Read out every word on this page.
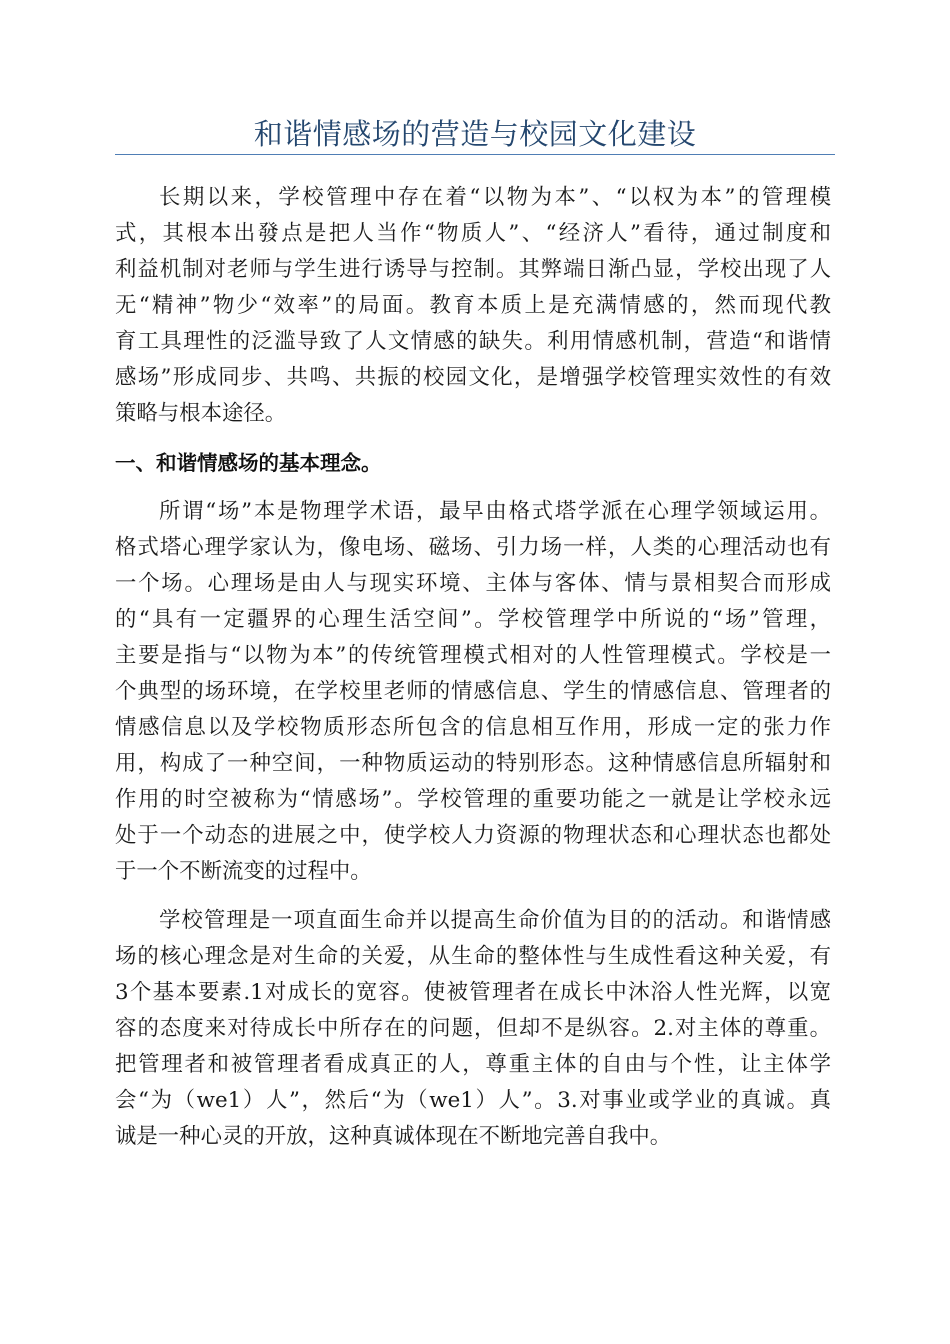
和谐情感场的营造与校园文化建设
长期以来，学校管理中存在着“以物为本”、“以权为本”的管理模
式，其根本出發点是把人当作“物质人”、“经济人”看待，通过制度和
利益机制对老师与学生进行诱导与控制。其弊端日渐凸显，学校出现了人
无“精神”物少“效率”的局面。教育本质上是充满情感的，然而现代教
育工具理性的泛滥导致了人文情感的缺失。利用情感机制，营造“和谐情
感场”形成同步、共鸣、共振的校园文化，是增强学校管理实效性的有效
策略与根本途径。
一、和谐情感场的基本理念。
所谓“场”本是物理学术语，最早由格式塔学派在心理学领域运用。
格式塔心理学家认为，像电场、磁场、引力场一样，人类的心理活动也有
一个场。心理场是由人与现实环境、主体与客体、情与景相契合而形成
的“具有一定疆界的心理生活空间”。学校管理学中所说的“场”管理，
主要是指与“以物为本”的传统管理模式相对的人性管理模式。学校是一
个典型的场环境，在学校里老师的情感信息、学生的情感信息、管理者的
情感信息以及学校物质形态所包含的信息相互作用，形成一定的张力作
用，构成了一种空间，一种物质运动的特别形态。这种情感信息所辐射和
作用的时空被称为“情感场”。学校管理的重要功能之一就是让学校永远
处于一个动态的进展之中，使学校人力资源的物理状态和心理状态也都处
于一个不断流变的过程中。
学校管理是一项直面生命并以提高生命价值为目的的活动。和谐情感
场的核心理念是对生命的关爱，从生命的整体性与生成性看这种关爱，有
3个基本要素.1对成长的宽容。使被管理者在成长中沐浴人性光辉，以宽
容的态度来对待成长中所存在的问题，但却不是纵容。2.对主体的尊重。
把管理者和被管理者看成真正的人，尊重主体的自由与个性，让主体学
会“为（we1）人”，然后“为（we1）人”。3.对事业或学业的真诚。真
诚是一种心灵的开放，这种真诚体现在不断地完善自我中。
